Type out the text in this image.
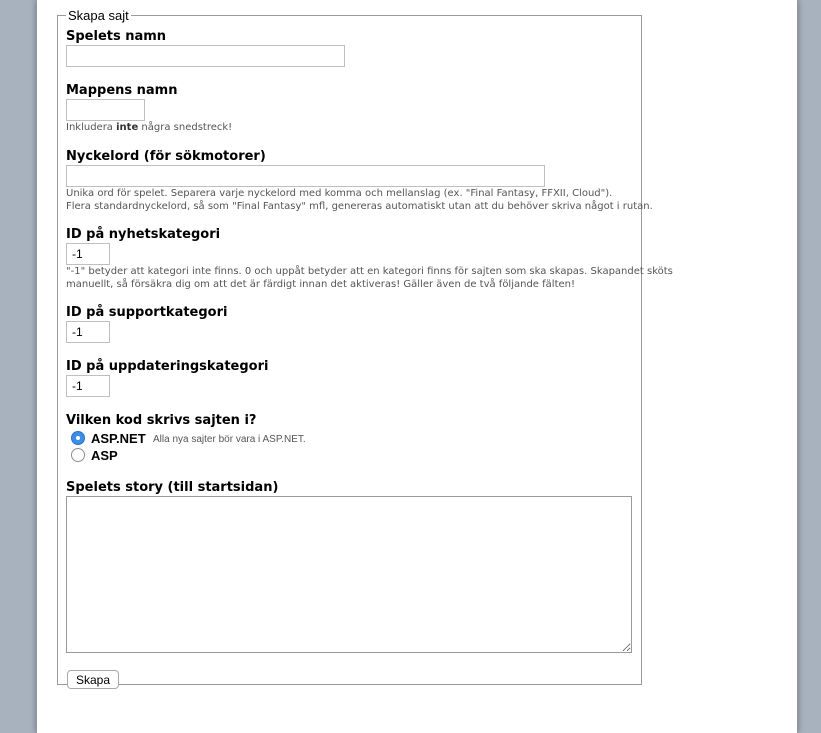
Skapa sajt
Spelets namn
Mappens namn
Inkludera inte några snedstreck!
Nyckelord (för sökmotorer)
Unika ord för spelet. Separera varje nyckelord med komma och mellanslag (ex. "Final Fantasy, FFXII, Cloud").
Flera standardnyckelord, så som "Final Fantasy" mfl, genereras automatiskt utan att du behöver skriva något i rutan.
ID på nyhetskategori
-1
"-1" betyder att kategori inte finns. 0 och uppåt betyder att en kategori finns för sajten som ska skapas. Skapandet sköts
manuellt, så försäkra dig om att det är färdigt innan det aktiveras! Gäller även de två följande fälten!
ID på supportkategori
-1
ID på uppdateringskategori
-1
Vilken kod skrivs sajten i?
ASP.NET Alla nya sajter bör vara i ASP.NET.
ASP
Spelets story (till startsidan)
Skapa
